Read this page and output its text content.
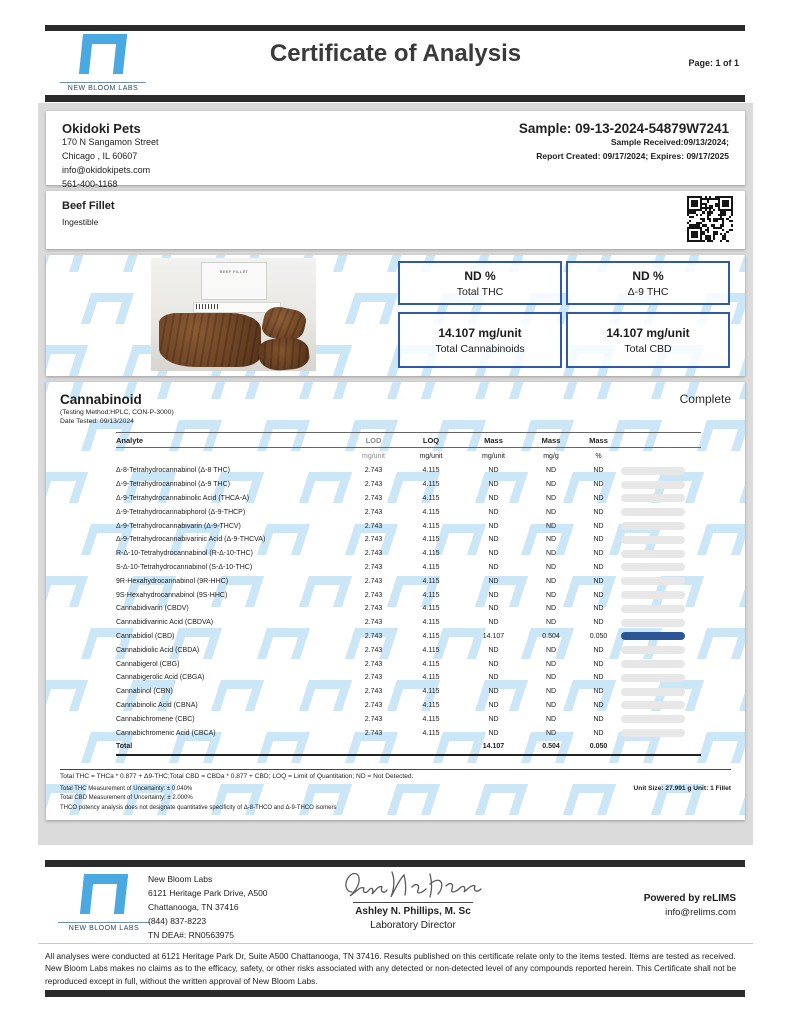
NEW BLOOM LABS
Certificate of Analysis	Page: 1 of 1
Okidoki Pets
170 N Sangamon Street
Chicago , IL 60607
info@okidokipets.com
561-400-1168
Sample: 09-13-2024-54879W7241
Sample Received:09/13/2024;
Report Created: 09/17/2024; Expires: 09/17/2025
Beef Fillet
Ingestible
BEEF FILLET	ND %
Total THC
ND %
Δ-9 THC
14.107 mg/unit
Total Cannabinoids
14.107 mg/unit
Total CBD
Cannabinoid	Complete
(Testing Method:HPLC, CON-P-3000)
Date Tested: 09/13/2024
Analyte	LOD	LOQ	Mass	Mass	Mass	
	mg/unit	mg/unit	mg/unit	mg/g	%	
Δ-8-Tetrahydrocannabinol (Δ-8 THC)	2.743	4.115	ND	ND	ND	

Δ-9-Tetrahydrocannabinol (Δ-9 THC)	2.743	4.115	ND	ND	ND	

Δ-9-Tetrahydrocannabinolic Acid (THCA-A)	2.743	4.115	ND	ND	ND	

Δ-9-Tetrahydrocannabiphorol (Δ-9-THCP)	2.743	4.115	ND	ND	ND	

Δ-9-Tetrahydrocannabivarin (Δ-9-THCV)	2.743	4.115	ND	ND	ND	

Δ-9-Tetrahydrocannabivarinic Acid (Δ-9-THCVA)	2.743	4.115	ND	ND	ND	

R-Δ-10-Tetrahydrocannabinol (R-Δ-10-THC)	2.743	4.115	ND	ND	ND	

S-Δ-10-Tetrahydrocannabinol (S-Δ-10-THC)	2.743	4.115	ND	ND	ND	

9R-Hexahydrocannabinol (9R-HHC)	2.743	4.115	ND	ND	ND	

9S-Hexahydrocannabinol (9S-HHC)	2.743	4.115	ND	ND	ND	

Cannabidivarin (CBDV)	2.743	4.115	ND	ND	ND	

Cannabidivarinic Acid (CBDVA)	2.743	4.115	ND	ND	ND	

Cannabidiol (CBD)	2.743	4.115	14.107	0.504	0.050	

Cannabidiolic Acid (CBDA)	2.743	4.115	ND	ND	ND	

Cannabigerol (CBG)	2.743	4.115	ND	ND	ND	

Cannabigerolic Acid (CBGA)	2.743	4.115	ND	ND	ND	

Cannabinol (CBN)	2.743	4.115	ND	ND	ND	

Cannabinolic Acid (CBNA)	2.743	4.115	ND	ND	ND	

Cannabichromene (CBC)	2.743	4.115	ND	ND	ND	

Cannabichromenic Acid (CBCA)	2.743	4.115	ND	ND	ND	

Total			14.107	0.504	0.050	
Total THC = THCa * 0.877 + Δ9-THC;Total CBD = CBDa * 0.877 + CBD; LOQ = Limit of Quantitation; ND = Not Detected.
Total THC Measurement of Uncertainty: ± 0.040%
Total CBD Measurement of Uncertainty: ± 2.000%
THCO potency analysis does not designate quantitative specificity of Δ-8-THCO and Δ-9-THCO isomers
Unit Size: 27.991 g Unit: 1 Fillet
NEW BLOOM LABS
New Bloom Labs
6121 Heritage Park Drive, A500
Chattanooga, TN 37416
(844) 837-8223
TN DEA#: RN0563975
Ashley N. Phillips, M. Sc
Laboratory Director
Powered by reLIMS
info@relims.com
All analyses were conducted at 6121 Heritage Park Dr, Suite A500 Chattanooga, TN 37416. Results published on this certificate relate only to the items tested. Items are tested as received. New Bloom Labs makes no claims as to the efficacy, safety, or other risks associated with any detected or non-detected level of any compounds reported herein. This Certificate shall not be reproduced except in full, without the written approval of New Bloom Labs.
